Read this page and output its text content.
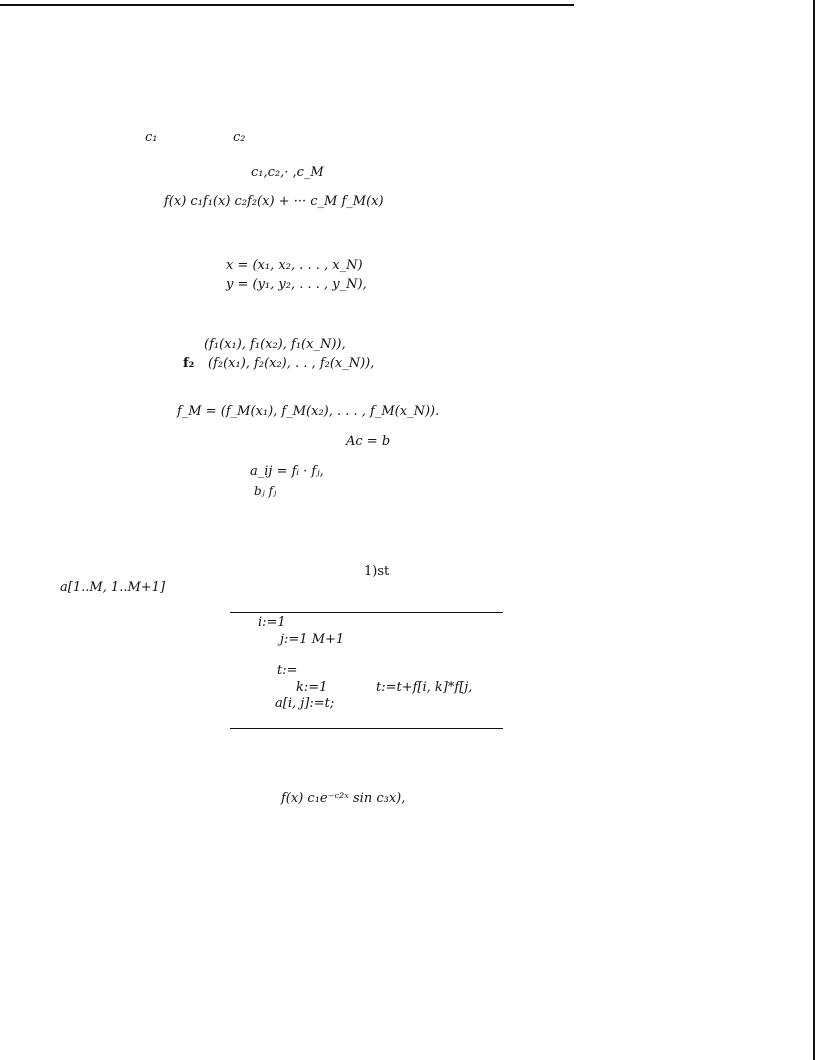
c₁	c₂
c₁,c₂,· ,c_M
f(x) c₁f₁(x) c₂f₂(x) + ··· c_M f_M(x)
x = (x₁, x₂, . . . , x_N)
y = (y₁, y₂, . . . , y_N),
(f₁(x₁), f₁(x₂), f₁(x_N)),
f₂ (f₂(x₁), f₂(x₂), . . , f₂(x_N)),
f_M = (f_M(x₁), f_M(x₂), . . . , f_M(x_N)).
Ac = b
a_ij = fᵢ · fⱼ,
bⱼ fⱼ
1)st
a[1..M, 1..M+1]
i:=1
j:=1 M+1
t:=
k:=1	t:=t+f[i, k]*f[j,
a[i, j]:=t;
f(x) c₁e⁻ᶜ²ˣ sin c₃x),
